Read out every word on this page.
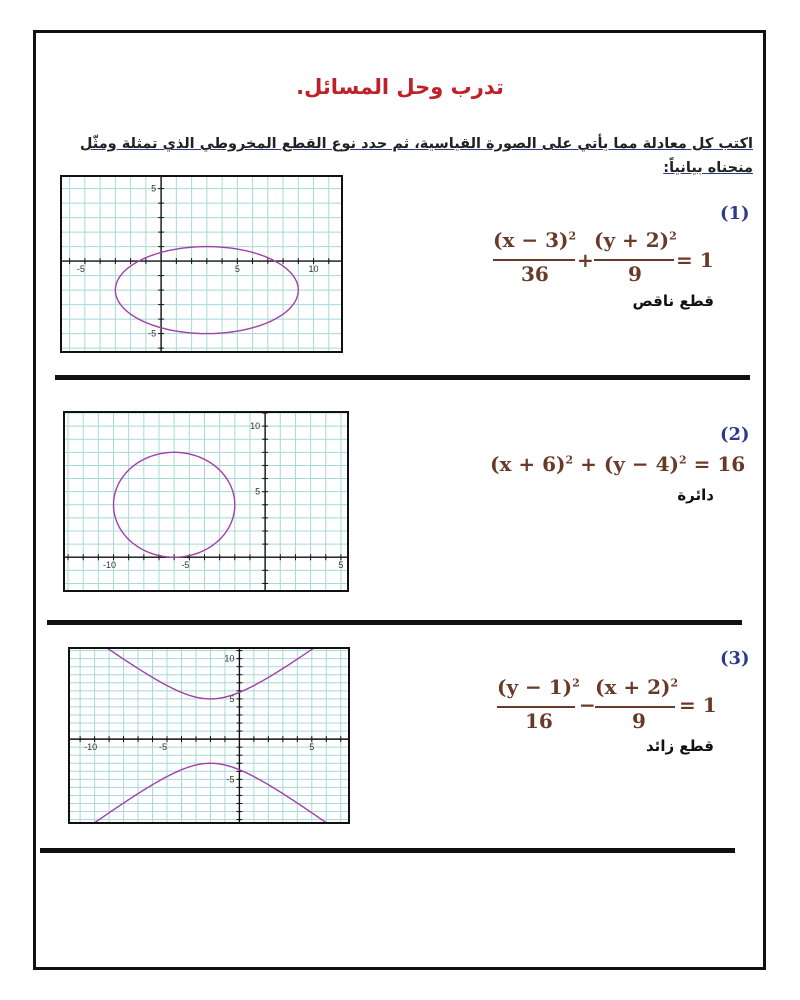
تدرب وحل المسائل.
اكتب كل معادلة مما يأتي على الصورة القياسية، ثم حدد نوع القطع المخروطي الذي تمثلة ومثّل
منحناه بيانياً:
-5	5	10
5
-5
(1)
$(x - 3)^2$
36
+
$(y + 2)^2$
9
= 1
قطع ناقص
-10	-5	5
10
5
(2)
$(x + 6)^2 + (y - 4)^2 = 16$
دائرة
-10	-5	5
10
5
-5
(3)
$(y - 1)^2$
16
−
$(x + 2)^2$
9
= 1
قطع زائد
